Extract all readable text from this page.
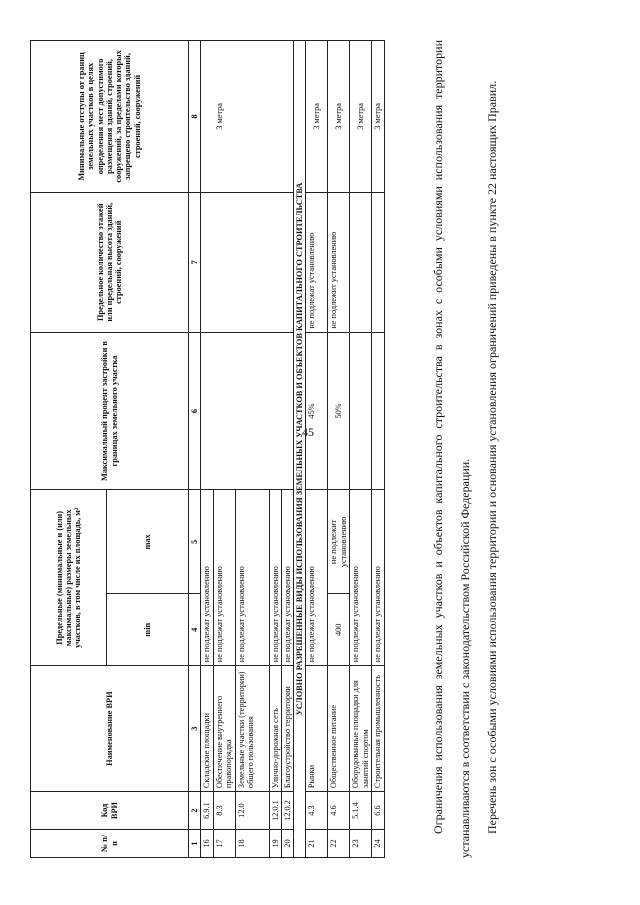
45
№ п/п	Код ВРИ	Наименование ВРИ	Предельные (минимальные и (или) максимальные) размеры земельных участков, в том числе их площадь, м²		Максимальный процент застройки в границах земельного участка	Предельное количество этажей или предельная высота зданий, строений, сооружений	Минимальные отступы от границ земельных участков в целях определения мест допустимого размещения зданий, строений, сооружений, за пределами которых запрещено строительство зданий, строений, сооружений
			min	max			
1	2	3	4	5	6	7	8
16	6.9.1	Складские площадки	не подлежат установлению				3 метра
17	8.3	Обеспечение внутреннего правопорядка	не подлежат установлению				
18	12.0	Земельные участки (территории) общего пользования	не подлежат установлению				
19	12.0.1	Улично-дорожная сеть	не подлежат установлению				
20	12.0.2	Благоустройство территории	не подлежат установлению				
УСЛОВНО РАЗРЕШЕННЫЕ ВИДЫ ИСПОЛЬЗОВАНИЯ ЗЕМЕЛЬНЫХ УЧАСТКОВ И ОБЪЕКТОВ КАПИТАЛЬНОГО СТРОИТЕЛЬСТВА							
21	4.3	Рынки	не подлежат установлению		45%	не подлежат установлению	3 метра
22	4.6	Общественное питание	400	не подлежит установлению	50%	не подлежит установлению	3 метра
23	5.1.4	Оборудованные площадки для занятий спортом	не подлежат установлению				3 метра
24	6.6	Строительная промышленность	не подлежат установлению				3 метра	Ограничения использования земельных участков и объектов капитального строительства в зонах с особыми условиями использования территории устанавливаются в соответствии с законодательством Российской Федерации.	Перечень зон с особыми условиями использования территории и основания установления ограничений приведены в пункте 22 настоящих Правил.
